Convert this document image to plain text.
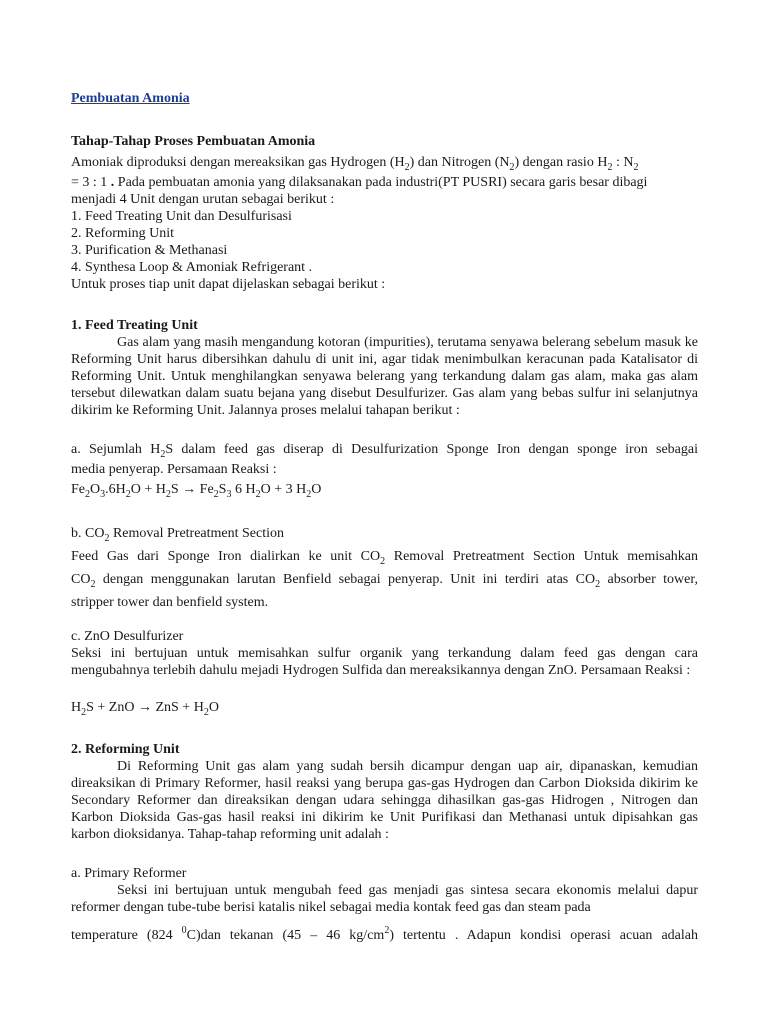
Pembuatan Amonia
Tahap-Tahap Proses Pembuatan Amonia
Amoniak diproduksi dengan mereaksikan gas Hydrogen $(H_2)$ dan Nitrogen $(N_2)$ dengan rasio $H_2$ : $N_2$
= 3 : 1 . Pada pembuatan amonia yang dilaksanakan pada industri(PT PUSRI) secara garis besar dibagi
menjadi 4 Unit dengan urutan sebagai berikut :
1. Feed Treating Unit dan Desulfurisasi
2. Reforming Unit
3. Purification & Methanasi
4. Synthesa Loop & Amoniak Refrigerant .
Untuk proses tiap unit dapat dijelaskan sebagai berikut :
1. Feed Treating Unit
Gas alam yang masih mengandung kotoran (impurities), terutama senyawa belerang sebelum masuk ke Reforming Unit harus dibersihkan dahulu di unit ini, agar tidak menimbulkan keracunan pada Katalisator di Reforming Unit. Untuk menghilangkan senyawa belerang yang terkandung dalam gas alam, maka gas alam tersebut dilewatkan dalam suatu bejana yang disebut Desulfurizer. Gas alam yang bebas sulfur ini selanjutnya dikirim ke Reforming Unit. Jalannya proses melalui tahapan berikut :
a. Sejumlah $H_2S$ dalam feed gas diserap di Desulfurization Sponge Iron dengan sponge iron sebagai
media penyerap. Persamaan Reaksi :
$Fe_2O_3.6H_2O + H_2S \to Fe_2S_3$ 6 $H_2O + 3$ $H_2O$
b. $CO_2$ Removal Pretreatment Section
Feed Gas dari Sponge Iron dialirkan ke unit $CO_2$ Removal Pretreatment Section Untuk memisahkan
$CO_2$ dengan menggunakan larutan Benfield sebagai penyerap. Unit ini terdiri atas $CO_2$ absorber tower,
stripper tower dan benfield system.
c. ZnO Desulfurizer
Seksi ini bertujuan untuk memisahkan sulfur organik yang terkandung dalam feed gas dengan cara mengubahnya terlebih dahulu mejadi Hydrogen Sulfida dan mereaksikannya dengan ZnO. Persamaan Reaksi :
$H_2S$ + ZnO → ZnS + $H_2O$
2. Reforming Unit
Di Reforming Unit gas alam yang sudah bersih dicampur dengan uap air, dipanaskan, kemudian direaksikan di Primary Reformer, hasil reaksi yang berupa gas-gas Hydrogen dan Carbon Dioksida dikirim ke Secondary Reformer dan direaksikan dengan udara sehingga dihasilkan gas-gas Hidrogen , Nitrogen dan Karbon Dioksida Gas-gas hasil reaksi ini dikirim ke Unit Purifikasi dan Methanasi untuk dipisahkan gas karbon dioksidanya. Tahap-tahap reforming unit adalah :
a. Primary Reformer
Seksi ini bertujuan untuk mengubah feed gas menjadi gas sintesa secara ekonomis melalui dapur reformer dengan tube-tube berisi katalis nikel sebagai media kontak feed gas dan steam pada
temperature (824 $^0$C)dan tekanan (45 – 46 $kg/cm^2$) tertentu . Adapun kondisi operasi acuan adalah
